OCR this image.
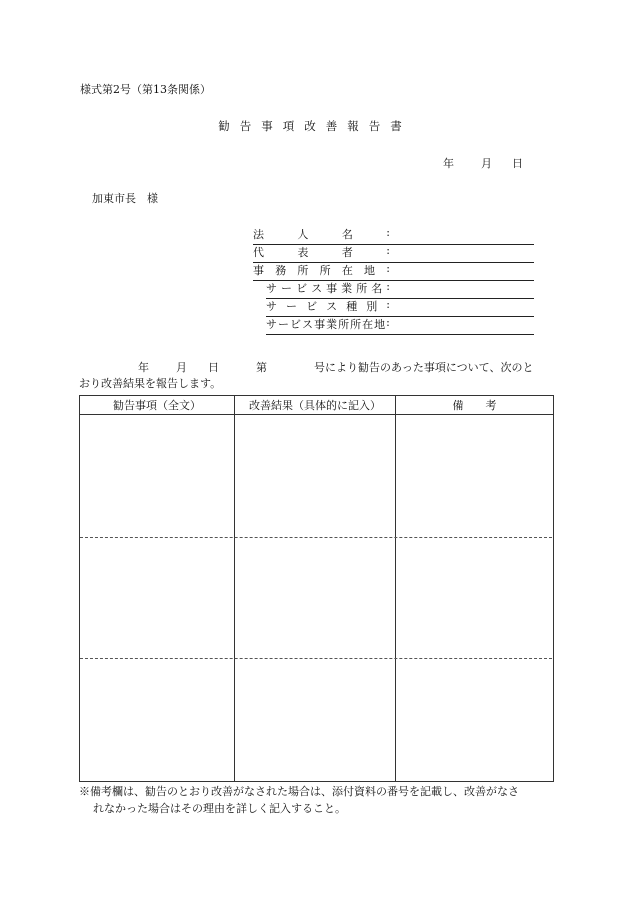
様式第2号（第13条関係）
勧告事項改善報告書
年 月 日
加東市長　様
法	人	名	:
代	表	者	:
事 務 所 所 在 地 :
サ ー ビ ス 事 業 所 名 :
サ ー ビ ス 種 別 :
サ ー ビ ス 事 業 所 所 在 地 :
年 月 日	第	号により勧告のあった事項について、次のと
おり改善結果を報告します。
勧告事項（全文）	改善結果（具体的に記入）	備　　考

※備考欄は、勧告のとおり改善がなされた場合は、添付資料の番号を記載し、改善がなさ
れなかった場合はその理由を詳しく記入すること。
